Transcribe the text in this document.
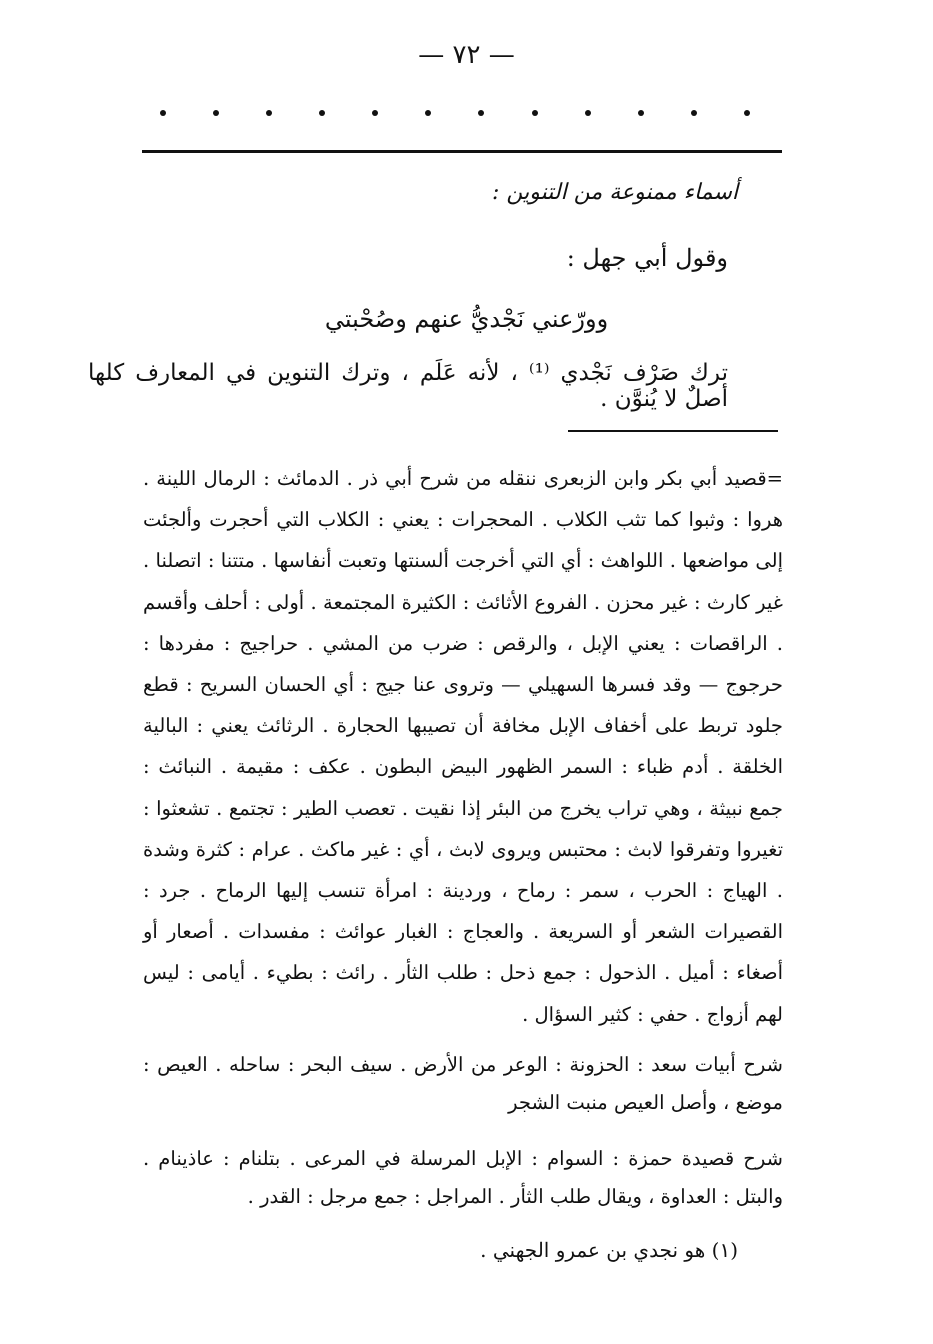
— ٧٢ —
أسماء ممنوعة من التنوين :
وقول أبي جهل :
وورّعني نَجْديُّ عنهم وصُحْبتي
ترك صَرْف نَجْدي ⁽¹⁾ ، لأنه عَلَم ، وترك التنوين في المعارف كلها أصلٌ لا يُنوَّن .

=قصيد أبي بكر وابن الزبعرى ننقله من شرح أبي ذر . الدمائث : الرمال اللينة . هروا : وثبوا كما تثب الكلاب . المحجرات : يعني : الكلاب التي أحجرت وألجئت إلى مواضعها . اللواهث : أي التي أخرجت ألسنتها وتعبت أنفاسها . متتنا : اتصلنا . غير كارث : غير محزن . الفروع الأثائث : الكثيرة المجتمعة . أولى : أحلف وأقسم . الراقصات : يعني الإبل ، والرقص : ضرب من المشي . حراجيج : مفردها : حرجوج — وقد فسرها السهيلي — وتروى عنا جيج : أي الحسان السريح : قطع جلود تربط على أخفاف الإبل مخافة أن تصيبها الحجارة . الرثائث يعني : البالية الخلقة . أدم ظباء : السمر الظهور البيض البطون . عكف : مقيمة . النبائث : جمع نبيثة ، وهي تراب يخرج من البئر إذا نقيت . تعصب الطير : تجتمع . تشعثوا : تغيروا وتفرقوا لابث : محتبس ويروى لابث ، أي : غير ماكث . عرام : كثرة وشدة . الهياج : الحرب ، سمر : رماح ، وردينة : امرأة تنسب إليها الرماح . جرد : القصيرات الشعر أو السريعة . والعجاج : الغبار عوائث : مفسدات . أصعار أو أصغاء : أميل . الذحول : جمع ذحل : طلب الثأر . رائث : بطيء . أيامى : ليس لهم أزواج . حفي : كثير السؤال .

شرح أبيات سعد : الحزونة : الوعر من الأرض . سيف البحر : ساحله . العيص : موضع ، وأصل العيص منبت الشجر

شرح قصيدة حمزة : السوام : الإبل المرسلة في المرعى . بتلنام : عاذينام . والبتل : العداوة ، ويقال طلب الثأر . المراجل : جمع مرجل : القدر .

(١) هو نجدي بن عمرو الجهني .
